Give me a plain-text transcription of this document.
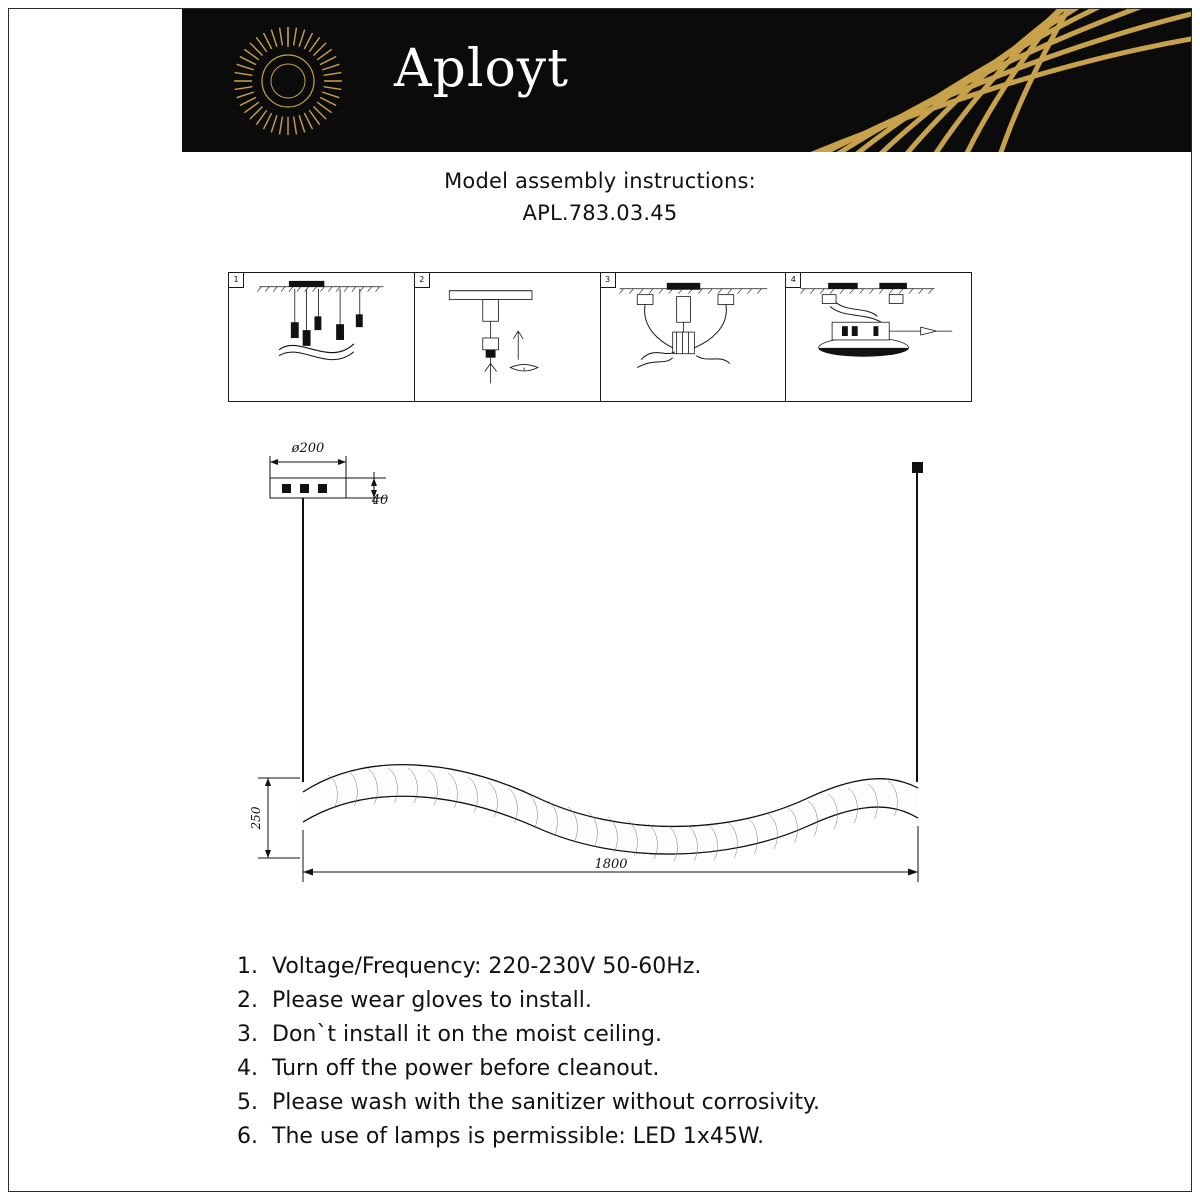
Aployt
Model assembly instructions:
APL.783.03.45
1	2	3	4
ø200
40
250
1800
1. Voltage/Frequency: 220-230V 50-60Hz.
2. Please wear gloves to install.
3. Don`t install it on the moist ceiling.
4. Turn off the power before cleanout.
5. Please wash with the sanitizer without corrosivity.
6. The use of lamps is permissible: LED 1x45W.
